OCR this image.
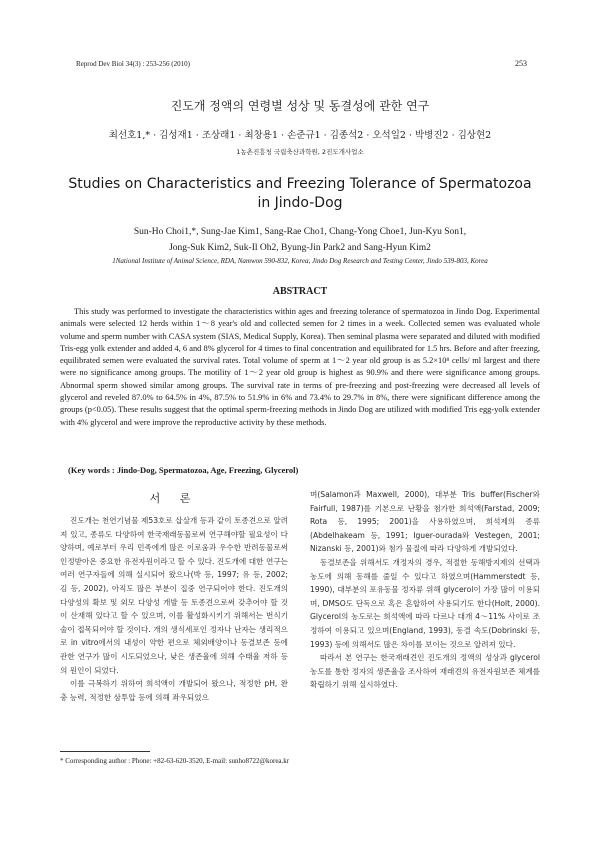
Reprod Dev Biol 34(3) : 253-256 (2010)	253
진도개 정액의 연령별 성상 및 동결성에 관한 연구
최선호1,* · 김성재1 · 조상래1 · 최창용1 · 손준규1 · 김종석2 · 오석일2 · 박병진2 · 김상현2
1농촌진흥청 국립축산과학원, 2진도개사업소
Studies on Characteristics and Freezing Tolerance of Spermatozoa
in Jindo-Dog
Sun-Ho Choi1,*, Sung-Jae Kim1, Sang-Rae Cho1, Chang-Yong Choe1, Jun-Kyu Son1,
Jong-Suk Kim2, Suk-Il Oh2, Byung-Jin Park2 and Sang-Hyun Kim2
1National Institute of Animal Science, RDA, Namwon 590-832, Korea, Jindo Dog Research and Testing Center, Jindo 539-803, Korea
ABSTRACT

This study was performed to investigate the characteristics within ages and freezing tolerance of spermatozoa in Jindo Dog. Experimental animals were selected 12 herds within 1～8 year's old and collected semen for 2 times in a week. Collected semen was evaluated whole volume and sperm number with CASA system (SIAS, Medical Supply, Korea). Then seminal plasma were separated and diluted with modified Tris-egg yolk extender and added 4, 6 and 8% glycerol for 4 times to final concentration and equilibrated for 1.5 hrs. Before and after freezing, equilibrated semen were evaluated the survival rates. Total volume of sperm at 1～2 year old group is as 5.2×10⁸ cells/ ml largest and there were no significance among groups. The motility of 1～2 year old group is highest as 90.9% and there were significance among groups. Abnormal sperm showed similar among groups. The survival rate in terms of pre-freezing and post-freezing were decreased all levels of glycerol and reveled 87.0% to 64.5% in 4%, 87.5% to 51.9% in 6% and 73.4% to 29.7% in 8%, there were significant difference among the groups (p<0.05). These results suggest that the optimal sperm-freezing methods in Jindo Dog are utilized with modified Tris egg-yolk extender with 4% glycerol and were improve the reproductive activity by these methods.

(Key words : Jindo-Dog, Spermatozoa, Age, Freezing, Glycerol)
서 론

진도개는 천연기념물 제53호로 삽살개 등과 같이 토종견으로 알려져 있고, 종류도 다양하여 한국재래동물로써 연구해야할 필요성이 다양하며, 예로부터 우리 민족에게 많은 이로움과 우수한 반려동물로써 인정받아온 중요한 유전자원이라고 할 수 있다. 진도개에 대한 연구는 여러 연구자들에 의해 실시되어 왔으나(박 등, 1997; 유 등, 2002; 김 등, 2002), 아직도 많은 부분이 집중 연구되어야 한다. 진도개의 다양성의 확보 및 외모 다양성 개발 등 토종견으로써 갖추어야 할 것이 산재해 있다고 할 수 있으며, 이를 활성화시키기 위해서는 번식기술이 접목되어야 할 것이다. 개의 생식세포인 정자나 난자는 생리적으로 in vitro에서의 내성이 약한 편으로 체외배양이나 동결보존 등에 관한 연구가 많이 시도되었으나, 낮은 생존율에 의해 수태율 저하 등의 원인이 되었다.

이를 극복하기 위하여 희석액이 개발되어 왔으나, 적정한 pH, 완충 능력, 적정한 삼투압 등에 의해 좌우되었으

며(Salamon과 Maxwell, 2000), 대부분 Tris buffer(Fischer와 Fairfull, 1987)를 기본으로 난황을 첨가한 희석액(Farstad, 2009; Rota 등, 1995; 2001)을 사용하였으며, 희석제의 종류(Abdelhakeam 등, 1991; Iguer-ourada와 Vestegen, 2001; Nizanski 등, 2001)와 첨가 물질에 따라 다양하게 개발되었다.

동결보존을 위해서도 개정자의 경우, 적절한 동해방지제의 선택과 농도에 의해 동해를 줄일 수 있다고 하였으며(Hammerstedt 등, 1990), 대부분의 포유동물 정자류 위해 glycerol이 가장 많이 이용되며, DMSO도 단독으로 혹은 혼합하여 사용되기도 한다(Holt, 2000). Glycerol의 농도로는 희석액에 따라 다르나 대개 4～11% 사이로 조정하여 이용되고 있으며(England, 1993), 동결 속도(Dobrinski 등, 1993) 등에 의해서도 많은 차이를 보이는 것으로 알려져 있다.

따라서 본 연구는 한국재래견인 진도개의 정액의 성상과 glycerol 농도를 통한 정자의 생존율을 조사하여 재래견의 유전자원보존 체계를 확립하기 위해 실시하였다.

* Corresponding author : Phone: +82-63-620-3520, E-mail: sunho8722@korea.kr
